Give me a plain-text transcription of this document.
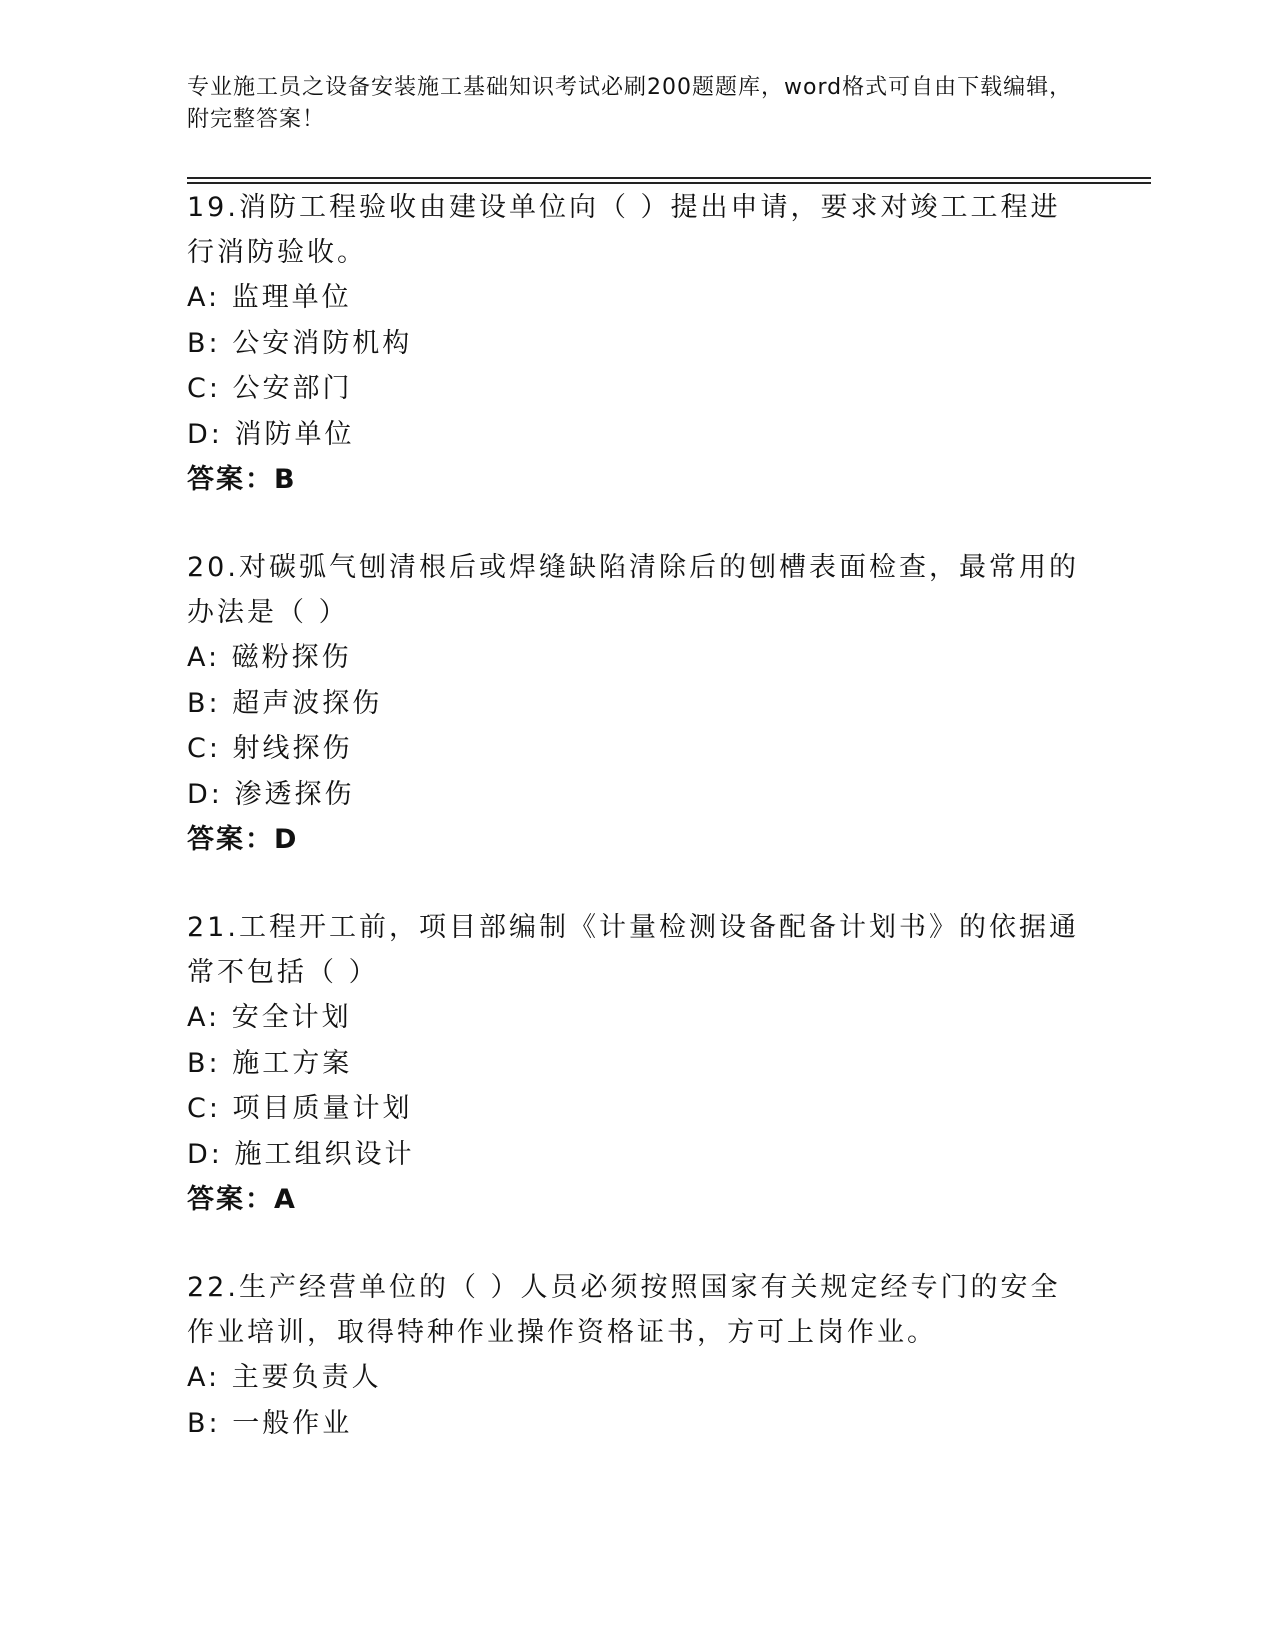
专业施工员之设备安装施工基础知识考试必刷200题题库，word格式可自由下载编辑，附完整答案！
19.消防工程验收由建设单位向（ ）提出申请，要求对竣工工程进行消防验收。
A: 监理单位
B: 公安消防机构
C: 公安部门
D: 消防单位
答案：B
20.对碳弧气刨清根后或焊缝缺陷清除后的刨槽表面检查，最常用的办法是（ ）
A: 磁粉探伤
B: 超声波探伤
C: 射线探伤
D: 渗透探伤
答案：D
21.工程开工前，项目部编制《计量检测设备配备计划书》的依据通常不包括（ ）
A: 安全计划
B: 施工方案
C: 项目质量计划
D: 施工组织设计
答案：A
22.生产经营单位的（ ）人员必须按照国家有关规定经专门的安全作业培训，取得特种作业操作资格证书，方可上岗作业。
A: 主要负责人
B: 一般作业
